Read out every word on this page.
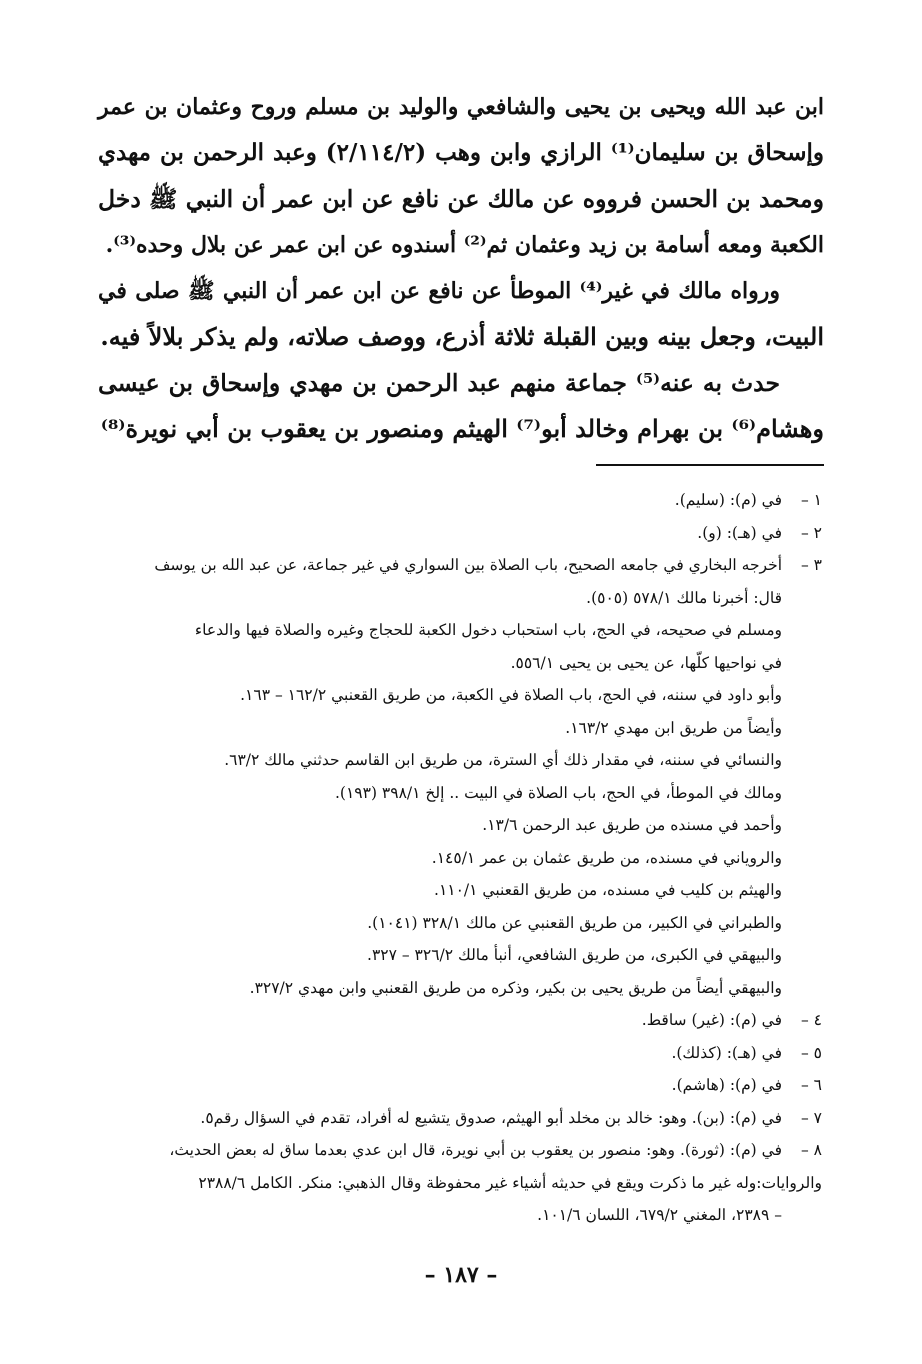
ابن عبد الله ويحيى بن يحيى والشافعي والوليد بن مسلم وروح وعثمان بن عمر
وإسحاق بن سليمان⁽¹⁾ الرازي وابن وهب (٢/١١٤/٢) وعبد الرحمن بن مهدي
ومحمد بن الحسن فرووه عن مالك عن نافع عن ابن عمر أن النبي ﷺ دخل
الكعبة ومعه أسامة بن زيد وعثمان ثم⁽²⁾ أسندوه عن ابن عمر عن بلال وحده⁽³⁾.
ورواه مالك في غير⁽⁴⁾ الموطأ عن نافع عن ابن عمر أن النبي ﷺ صلى في
البيت، وجعل بينه وبين القبلة ثلاثة أذرع، ووصف صلاته، ولم يذكر بلالاً فيه.
حدث به عنه⁽⁵⁾ جماعة منهم عبد الرحمن بن مهدي وإسحاق بن عيسى
وهشام⁽⁶⁾ بن بهرام وخالد أبو⁽⁷⁾ الهيثم ومنصور بن يعقوب بن أبي نويرة⁽⁸⁾
١ –في (م): (سليم).
٢ –في (هـ): (و).
٣ –أخرجه البخاري في جامعه الصحيح، باب الصلاة بين السواري في غير جماعة، عن عبد الله بن يوسف
قال: أخبرنا مالك ٥٧٨/١ (٥٠٥).
ومسلم في صحيحه، في الحج، باب استحباب دخول الكعبة للحجاج وغيره والصلاة فيها والدعاء
في نواحيها كلّها، عن يحيى بن يحيى ٥٥٦/١.
وأبو داود في سننه، في الحج، باب الصلاة في الكعبة، من طريق القعنبي ١٦٢/٢ – ١٦٣.
وأيضاً من طريق ابن مهدي ١٦٣/٢.
والنسائي في سننه، في مقدار ذلك أي السترة، من طريق ابن القاسم حدثني مالك ٦٣/٢.
ومالك في الموطأ، في الحج، باب الصلاة في البيت .. إلخ ٣٩٨/١ (١٩٣).
وأحمد في مسنده من طريق عبد الرحمن ١٣/٦.
والروياني في مسنده، من طريق عثمان بن عمر ١٤٥/١.
والهيثم بن كليب في مسنده، من طريق القعنبي ١١٠/١.
والطبراني في الكبير، من طريق القعنبي عن مالك ٣٢٨/١ (١٠٤١).
والبيهقي في الكبرى، من طريق الشافعي، أنبأ مالك ٣٢٦/٢ – ٣٢٧.
والبيهقي أيضاً من طريق يحيى بن بكير، وذكره من طريق القعنبي وابن مهدي ٣٢٧/٢.
٤ –في (م): (غير) ساقط.
٥ –في (هـ): (كذلك).
٦ –في (م): (هاشم).
٧ –في (م): (بن). وهو: خالد بن مخلد أبو الهيثم، صدوق يتشيع له أفراد، تقدم في السؤال رقم٥.
٨ –في (م): (ثورة). وهو: منصور بن يعقوب بن أبي نويرة، قال ابن عدي بعدما ساق له بعض الحديث،
والروايات:وله غير ما ذكرت ويقع في حديثه أشياء غير محفوظة وقال الذهبي: منكر. الكامل ٢٣٨٨/٦
– ٢٣٨٩، المغني ٦٧٩/٢، اللسان ١٠١/٦.
– ١٨٧ –
